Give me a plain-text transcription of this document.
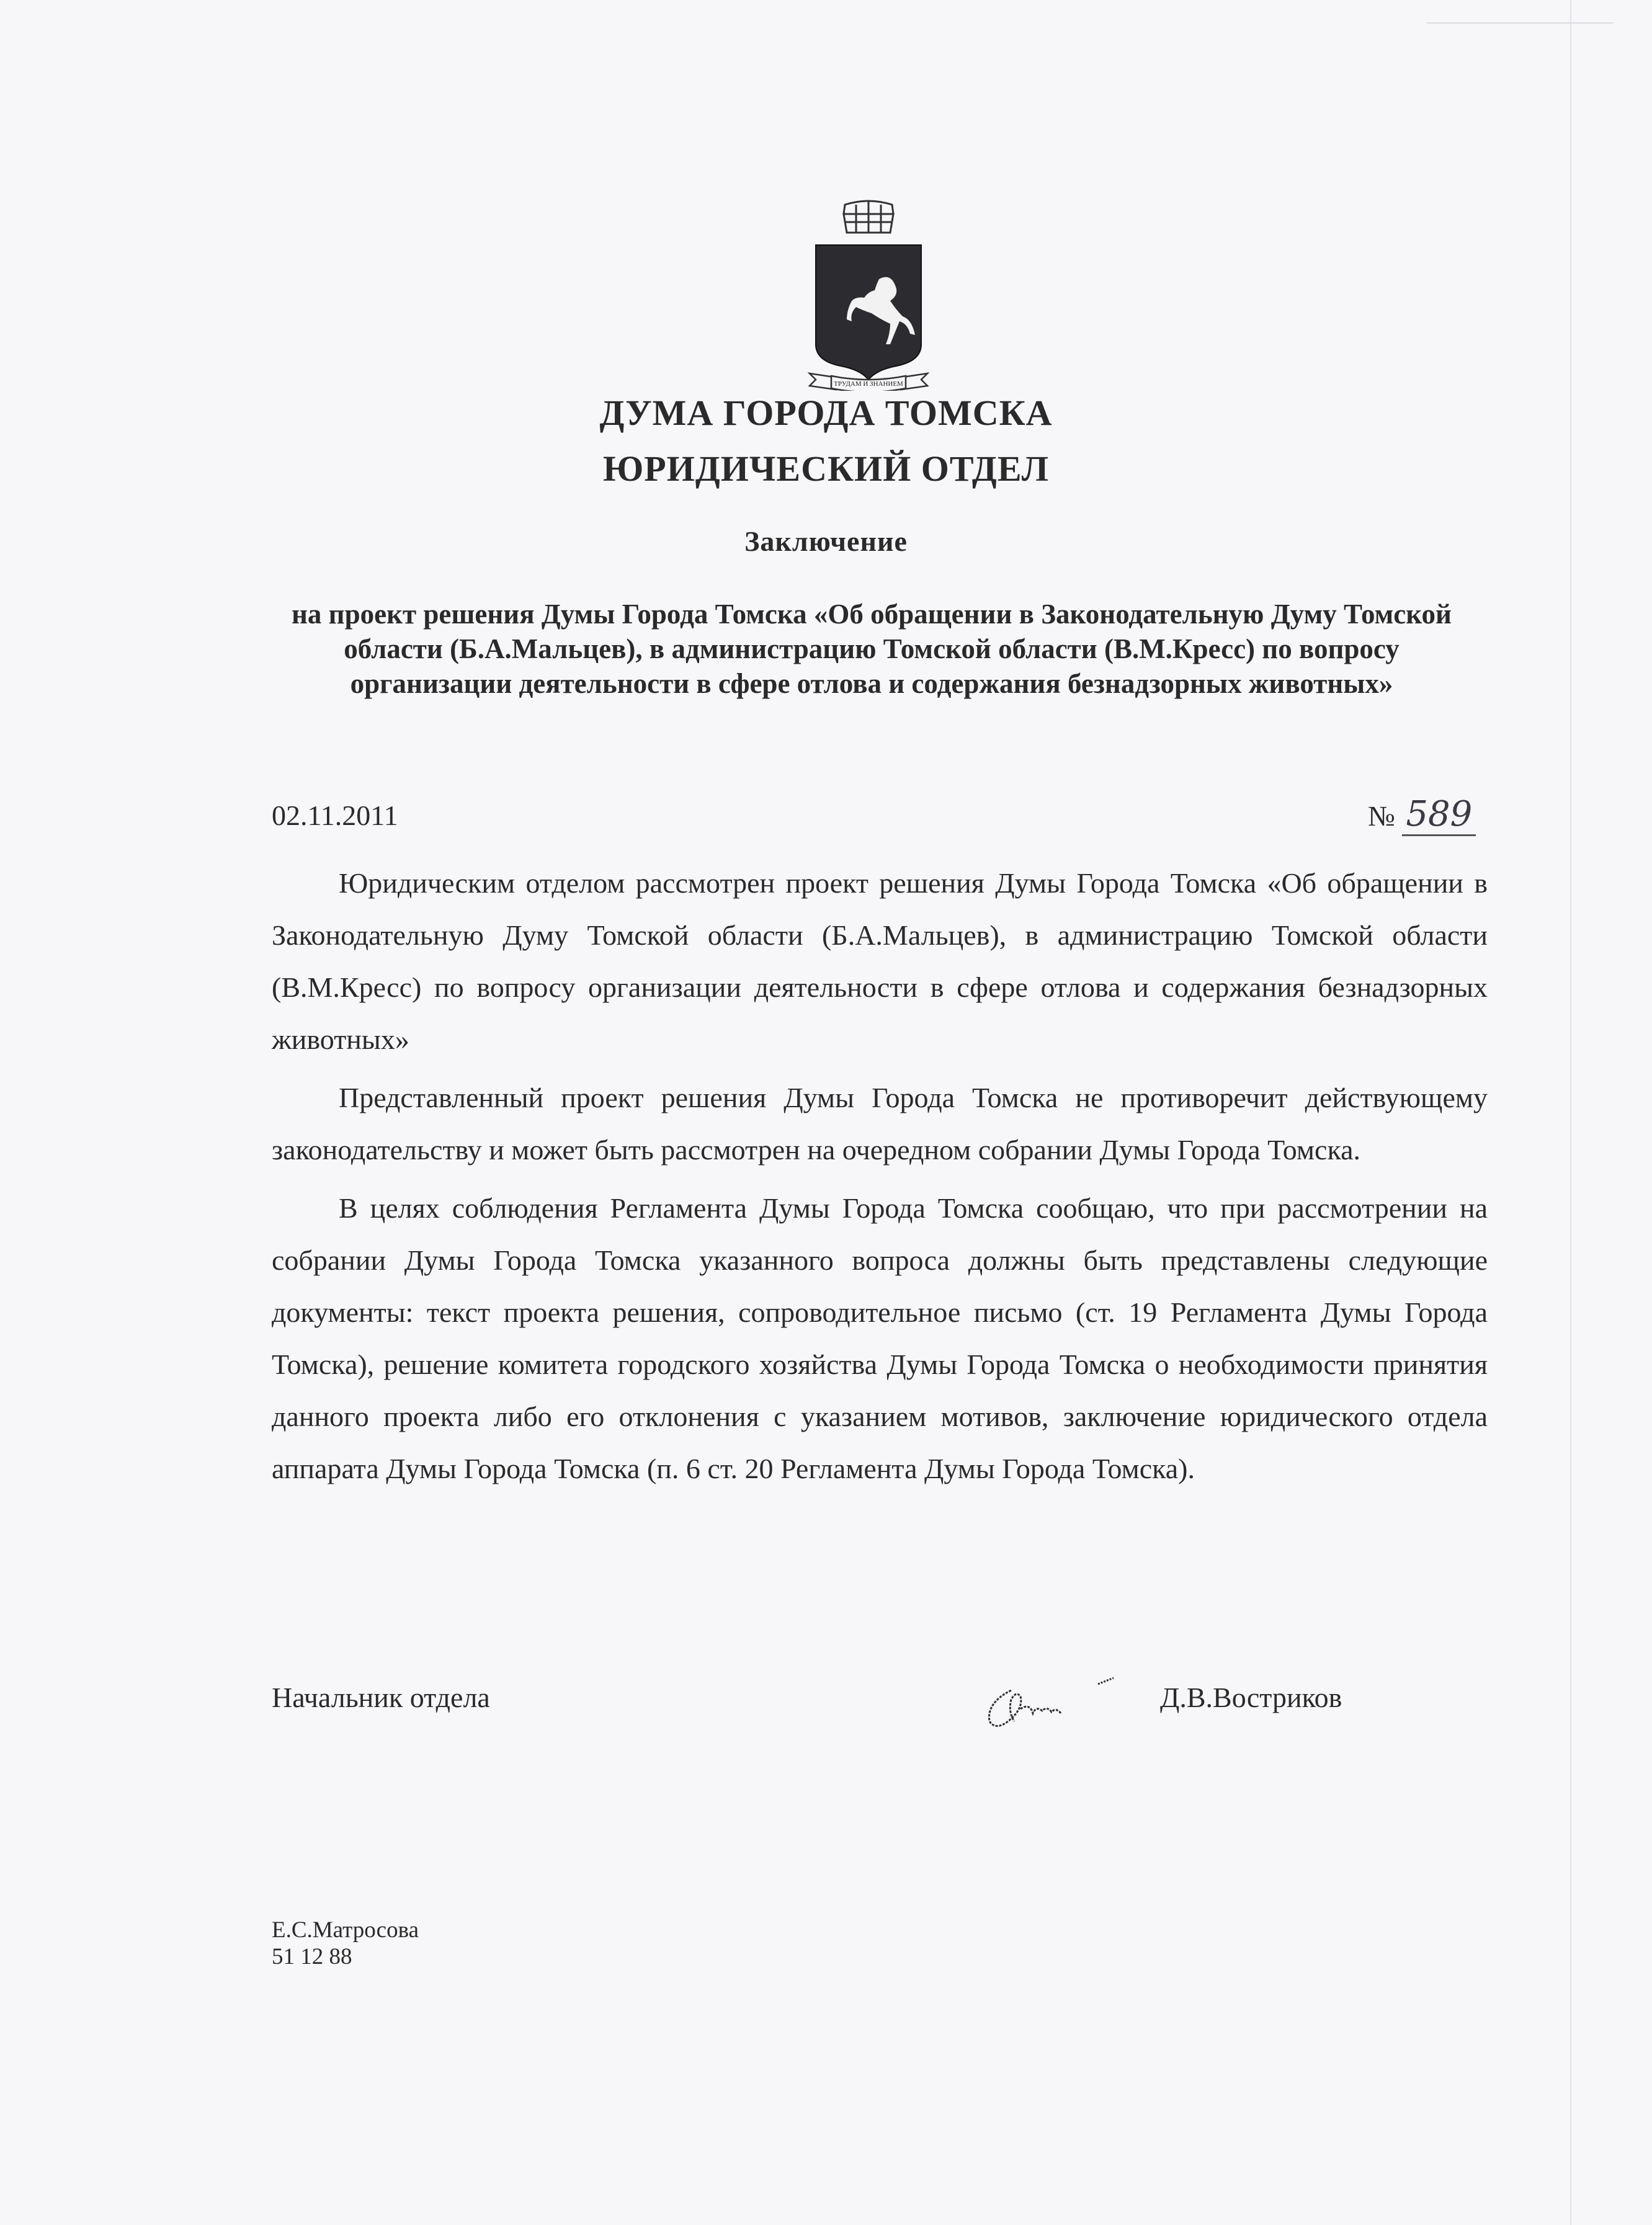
ТРУДАМ И ЗНАНИЕМ
ДУМА ГОРОДА ТОМСКА
ЮРИДИЧЕСКИЙ ОТДЕЛ
Заключение
на проект решения Думы Города Томска «Об обращении в Законодательную Думу Томской области (Б.А.Мальцев), в администрацию Томской области (В.М.Кресс) по вопросу организации деятельности в сфере отлова и содержания безнадзорных животных»
02.11.2011	№ 589

Юридическим отделом рассмотрен проект решения Думы Города Томска «Об обращении в Законодательную Думу Томской области (Б.А.Мальцев), в администрацию Томской области (В.М.Кресс) по вопросу организации деятельности в сфере отлова и содержания безнадзорных животных»

Представленный проект решения Думы Города Томска не противоречит действующему законодательству и может быть рассмотрен на очередном собрании Думы Города Томска.

В целях соблюдения Регламента Думы Города Томска сообщаю, что при рассмотрении на собрании Думы Города Томска указанного вопроса должны быть представлены следующие документы: текст проекта решения, сопроводительное письмо (ст. 19 Регламента Думы Города Томска), решение комитета городского хозяйства Думы Города Томска о необходимости принятия данного проекта либо его отклонения с указанием мотивов, заключение юридического отдела аппарата Думы Города Томска (п. 6 ст. 20 Регламента Думы Города Томска).

Начальник отдела	Д.В.Востриков
Е.С.Матросова
51 12 88
